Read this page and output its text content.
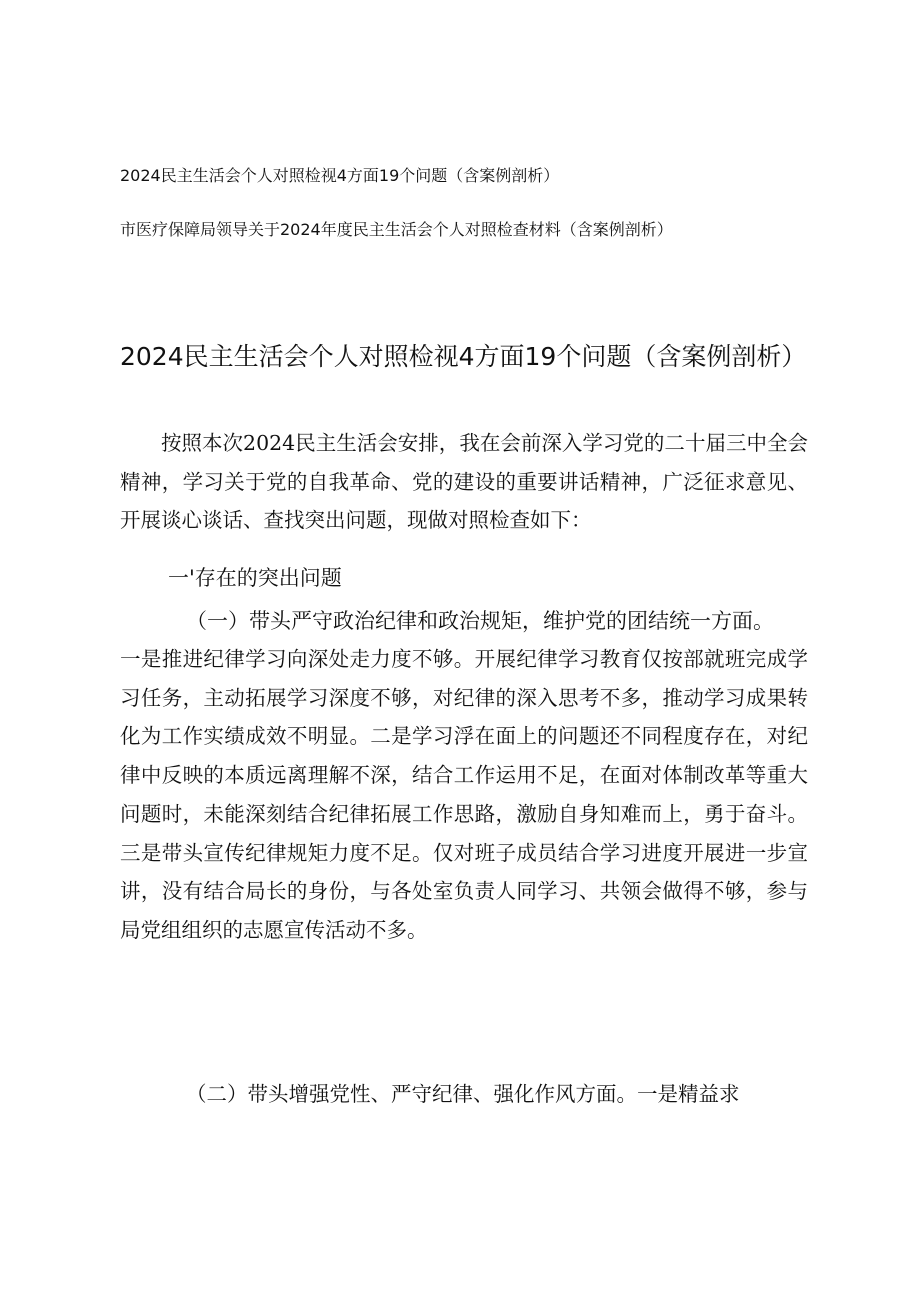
2024民主生活会个人对照检视4方面19个问题（含案例剖析）
市医疗保障局领导关于2024年度民主生活会个人对照检查材料（含案例剖析）
2024民主生活会个人对照检视4方面19个问题（含案例剖析）

按照本次2024民主生活会安排，我在会前深入学习党的二十届三中全会精神，学习关于党的自我革命、党的建设的重要讲话精神，广泛征求意见、开展谈心谈话、查找突出问题，现做对照检查如下：

一'存在的突出问题
（一）带头严守政治纪律和政治规矩，维护党的团结统一方面。

一是推进纪律学习向深处走力度不够。开展纪律学习教育仅按部就班完成学习任务，主动拓展学习深度不够，对纪律的深入思考不多，推动学习成果转化为工作实绩成效不明显。二是学习浮在面上的问题还不同程度存在，对纪律中反映的本质远离理解不深，结合工作运用不足，在面对体制改革等重大问题时，未能深刻结合纪律拓展工作思路，激励自身知难而上，勇于奋斗。三是带头宣传纪律规矩力度不足。仅对班子成员结合学习进度开展进一步宣讲，没有结合局长的身份，与各处室负责人同学习、共领会做得不够，参与局党组组织的志愿宣传活动不多。

（二）带头增强党性、严守纪律、强化作风方面。一是精益求
